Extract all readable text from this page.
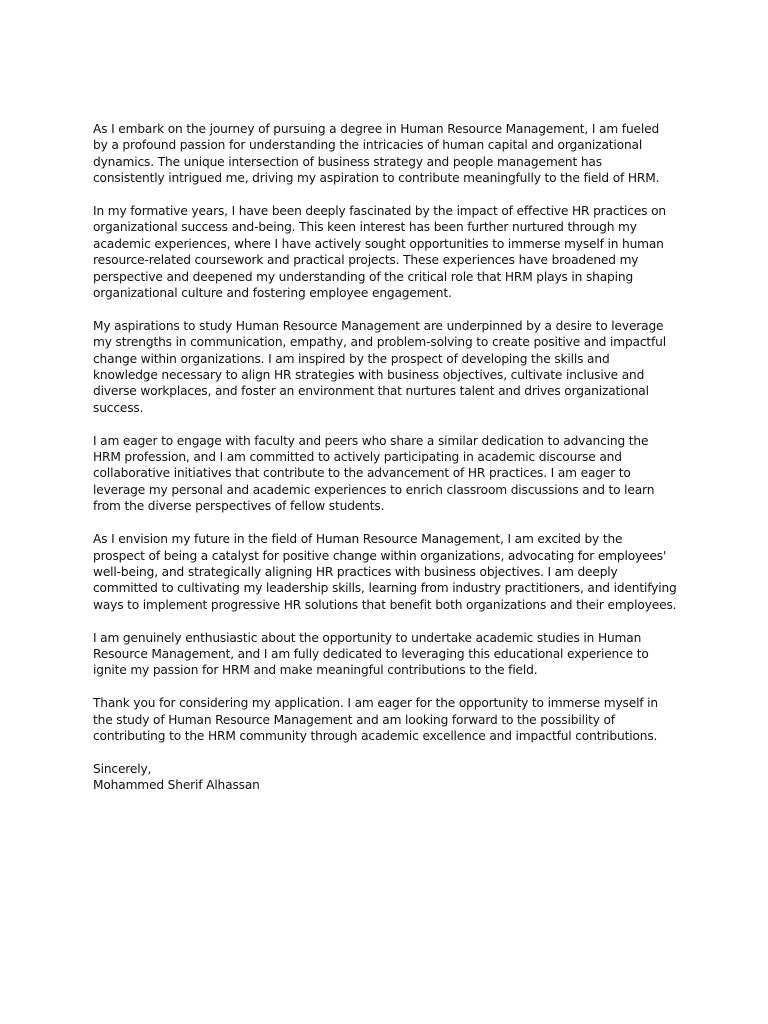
As I embark on the journey of pursuing a degree in Human Resource Management, I am fueled by a profound passion for understanding the intricacies of human capital and organizational dynamics. The unique intersection of business strategy and people management has consistently intrigued me, driving my aspiration to contribute meaningfully to the field of HRM.

In my formative years, I have been deeply fascinated by the impact of effective HR practices on organizational success and-being. This keen interest has been further nurtured through my academic experiences, where I have actively sought opportunities to immerse myself in human resource-related coursework and practical projects. These experiences have broadened my perspective and deepened my understanding of the critical role that HRM plays in shaping organizational culture and fostering employee engagement.

My aspirations to study Human Resource Management are underpinned by a desire to leverage my strengths in communication, empathy, and problem-solving to create positive and impactful change within organizations. I am inspired by the prospect of developing the skills and knowledge necessary to align HR strategies with business objectives, cultivate inclusive and diverse workplaces, and foster an environment that nurtures talent and drives organizational success.

I am eager to engage with faculty and peers who share a similar dedication to advancing the HRM profession, and I am committed to actively participating in academic discourse and collaborative initiatives that contribute to the advancement of HR practices. I am eager to leverage my personal and academic experiences to enrich classroom discussions and to learn from the diverse perspectives of fellow students.

As I envision my future in the field of Human Resource Management, I am excited by the prospect of being a catalyst for positive change within organizations, advocating for employees' well-being, and strategically aligning HR practices with business objectives. I am deeply committed to cultivating my leadership skills, learning from industry practitioners, and identifying ways to implement progressive HR solutions that benefit both organizations and their employees.

I am genuinely enthusiastic about the opportunity to undertake academic studies in Human Resource Management, and I am fully dedicated to leveraging this educational experience to ignite my passion for HRM and make meaningful contributions to the field.

Thank you for considering my application. I am eager for the opportunity to immerse myself in the study of Human Resource Management and am looking forward to the possibility of contributing to the HRM community through academic excellence and impactful contributions.

Sincerely,

Mohammed Sherif Alhassan
